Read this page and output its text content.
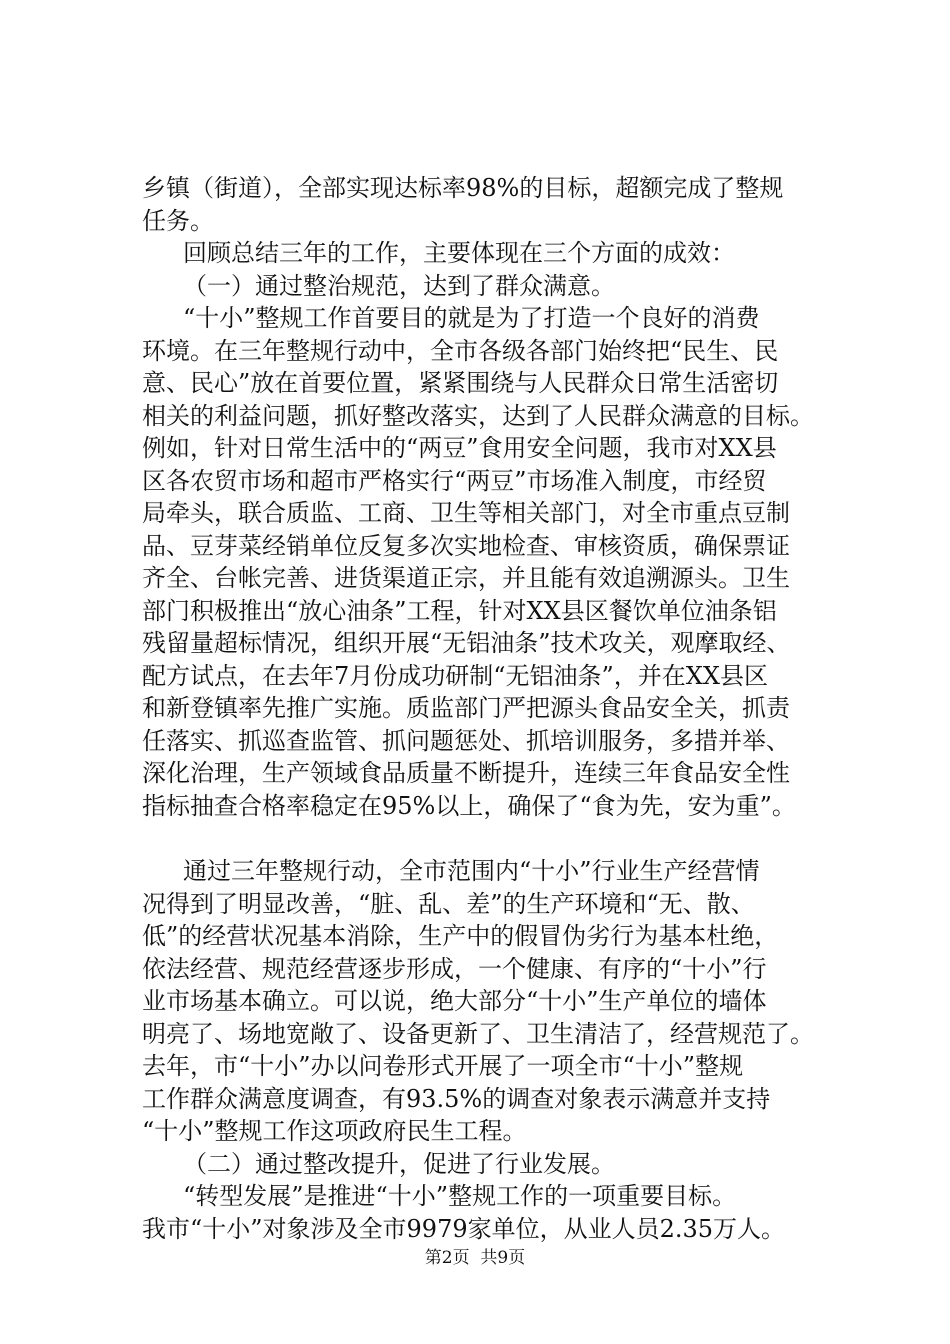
乡镇（街道），全部实现达标率98%的目标，超额完成了整规
任务。
回顾总结三年的工作，主要体现在三个方面的成效：
（一）通过整治规范，达到了群众满意。
“十小”整规工作首要目的就是为了打造一个良好的消费
环境。在三年整规行动中，全市各级各部门始终把“民生、民
意、民心”放在首要位置，紧紧围绕与人民群众日常生活密切
相关的利益问题，抓好整改落实，达到了人民群众满意的目标。
例如，针对日常生活中的“两豆”食用安全问题，我市对XX县
区各农贸市场和超市严格实行“两豆”市场准入制度，市经贸
局牵头，联合质监、工商、卫生等相关部门，对全市重点豆制
品、豆芽菜经销单位反复多次实地检查、审核资质，确保票证
齐全、台帐完善、进货渠道正宗，并且能有效追溯源头。卫生
部门积极推出“放心油条”工程，针对XX县区餐饮单位油条铝
残留量超标情况，组织开展“无铝油条”技术攻关，观摩取经、
配方试点，在去年7月份成功研制“无铝油条”，并在XX县区
和新登镇率先推广实施。质监部门严把源头食品安全关，抓责
任落实、抓巡查监管、抓问题惩处、抓培训服务，多措并举、
深化治理，生产领域食品质量不断提升，连续三年食品安全性
指标抽查合格率稳定在95%以上，确保了“食为先，安为重”。
通过三年整规行动，全市范围内“十小”行业生产经营情
况得到了明显改善，“脏、乱、差”的生产环境和“无、散、
低”的经营状况基本消除，生产中的假冒伪劣行为基本杜绝，
依法经营、规范经营逐步形成，一个健康、有序的“十小”行
业市场基本确立。可以说，绝大部分“十小”生产单位的墙体
明亮了、场地宽敞了、设备更新了、卫生清洁了，经营规范了。
去年，市“十小”办以问卷形式开展了一项全市“十小”整规
工作群众满意度调查，有93.5%的调查对象表示满意并支持
“十小”整规工作这项政府民生工程。
（二）通过整改提升，促进了行业发展。
“转型发展”是推进“十小”整规工作的一项重要目标。
我市“十小”对象涉及全市9979家单位，从业人员2.35万人。
第2页  共9页
